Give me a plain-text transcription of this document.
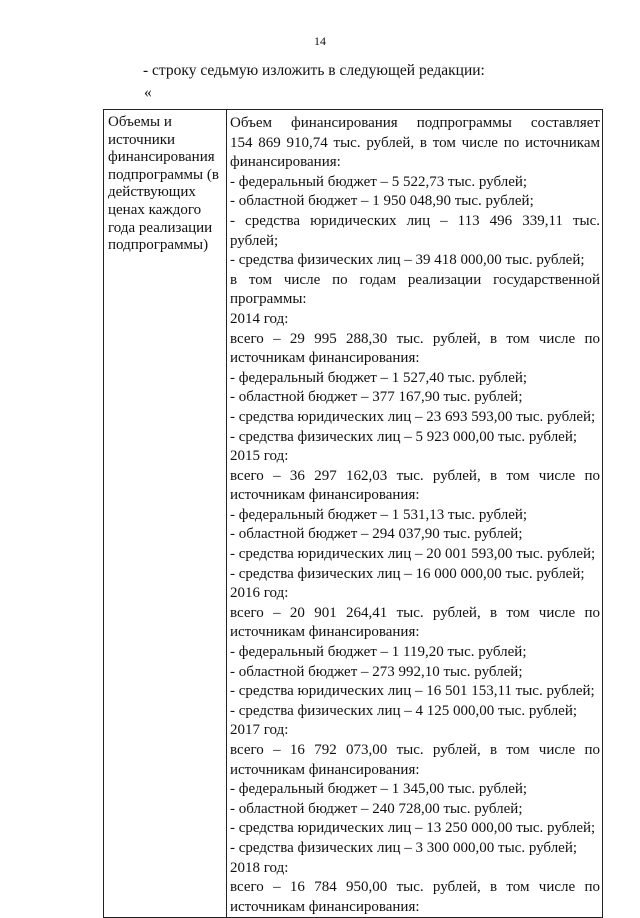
14
- строку седьмую изложить в следующей редакции:
«
Объемы и
источники
финансирования
подпрограммы (в
действующих
ценах каждого
года реализации
подпрограммы)

Объем финансирования подпрограммы составляет
154 869 910,74 тыс. рублей, в том числе по источникам
финансирования:
- федеральный бюджет – 5 522,73 тыс. рублей;
- областной бюджет – 1 950 048,90 тыс. рублей;
- средства юридических лиц – 113 496 339,11 тыс.
рублей;
- средства физических лиц – 39 418 000,00 тыс. рублей;
в том числе по годам реализации государственной
программы:
2014 год:
всего – 29 995 288,30 тыс. рублей, в том числе по
источникам финансирования:
- федеральный бюджет – 1 527,40 тыс. рублей;
- областной бюджет – 377 167,90 тыс. рублей;
- средства юридических лиц – 23 693 593,00 тыс. рублей;
- средства физических лиц – 5 923 000,00 тыс. рублей;
2015 год:
всего – 36 297 162,03 тыс. рублей, в том числе по
источникам финансирования:
- федеральный бюджет – 1 531,13 тыс. рублей;
- областной бюджет – 294 037,90 тыс. рублей;
- средства юридических лиц – 20 001 593,00 тыс. рублей;
- средства физических лиц – 16 000 000,00 тыс. рублей;
2016 год:
всего – 20 901 264,41 тыс. рублей, в том числе по
источникам финансирования:
- федеральный бюджет – 1 119,20 тыс. рублей;
- областной бюджет – 273 992,10 тыс. рублей;
- средства юридических лиц – 16 501 153,11 тыс. рублей;
- средства физических лиц – 4 125 000,00 тыс. рублей;
2017 год:
всего – 16 792 073,00 тыс. рублей, в том числе по
источникам финансирования:
- федеральный бюджет – 1 345,00 тыс. рублей;
- областной бюджет – 240 728,00 тыс. рублей;
- средства юридических лиц – 13 250 000,00 тыс. рублей;
- средства физических лиц – 3 300 000,00 тыс. рублей;
2018 год:
всего – 16 784 950,00 тыс. рублей, в том числе по
источникам финансирования:
